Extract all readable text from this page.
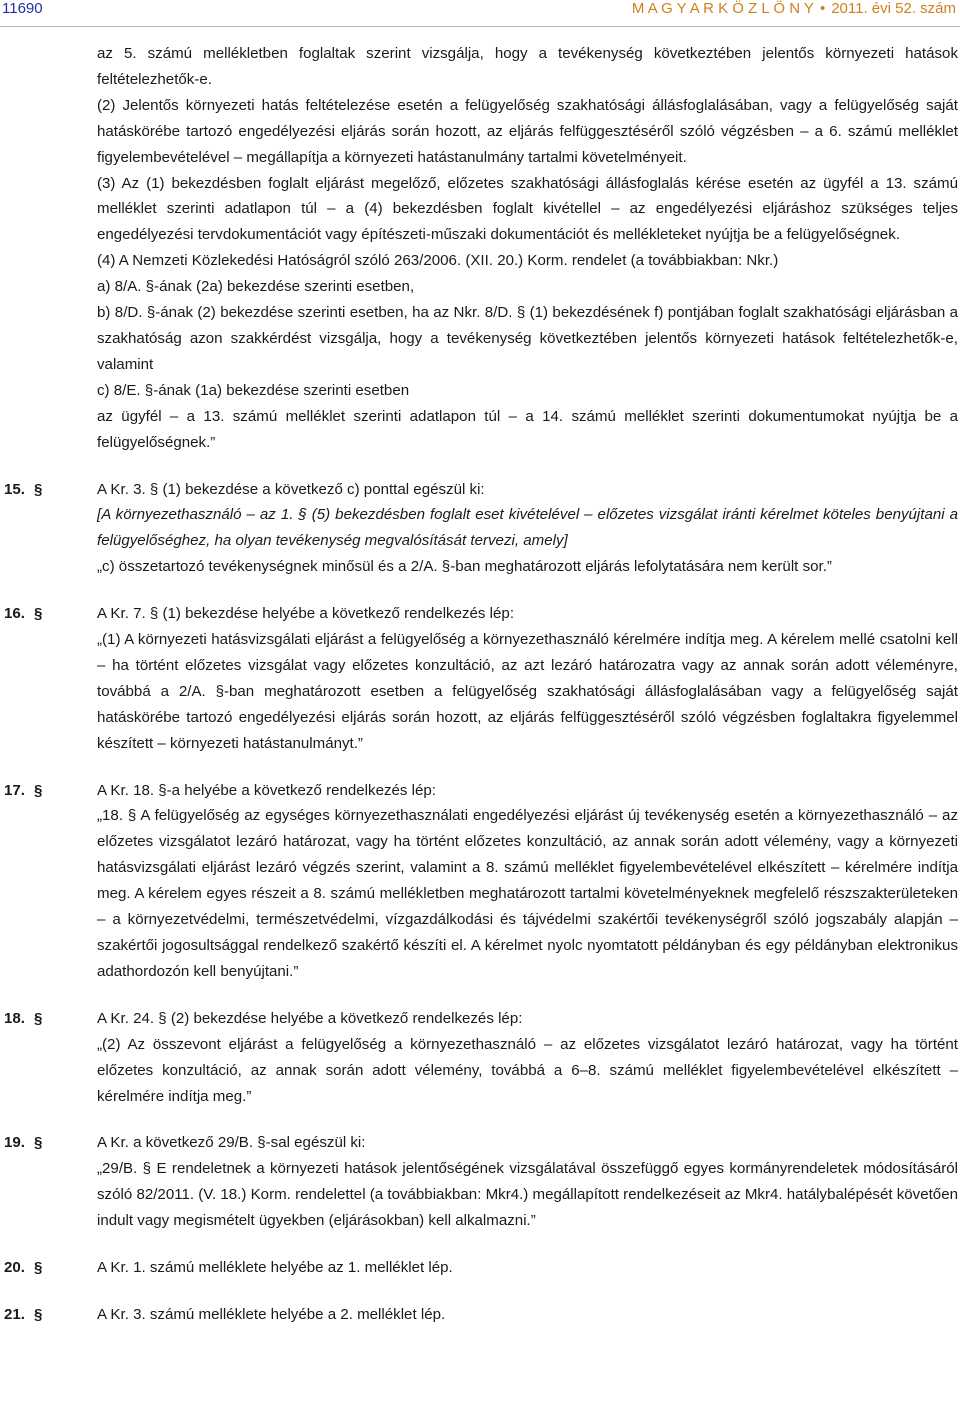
11690	M A G Y A R K Ö Z L Ö N Y • 2011. évi 52. szám

az 5. számú mellékletben foglaltak szerint vizsgálja, hogy a tevékenység következtében jelentős környezeti hatások feltételezhetők-e.

(2) Jelentős környezeti hatás feltételezése esetén a felügyelőség szakhatósági állásfoglalásában, vagy a felügyelőség saját hatáskörébe tartozó engedélyezési eljárás során hozott, az eljárás felfüggesztéséről szóló végzésben – a 6. számú melléklet figyelembevételével – megállapítja a környezeti hatástanulmány tartalmi követelményeit.

(3) Az (1) bekezdésben foglalt eljárást megelőző, előzetes szakhatósági állásfoglalás kérése esetén az ügyfél a 13. számú melléklet szerinti adatlapon túl – a (4) bekezdésben foglalt kivétellel – az engedélyezési eljáráshoz szükséges teljes engedélyezési tervdokumentációt vagy építészeti-műszaki dokumentációt és mellékleteket nyújtja be a felügyelőségnek.

(4) A Nemzeti Közlekedési Hatóságról szóló 263/2006. (XII. 20.) Korm. rendelet (a továbbiakban: Nkr.)

a) 8/A. §-ának (2a) bekezdése szerinti esetben,

b) 8/D. §-ának (2) bekezdése szerinti esetben, ha az Nkr. 8/D. § (1) bekezdésének f) pontjában foglalt szakhatósági eljárásban a szakhatóság azon szakkérdést vizsgálja, hogy a tevékenység következtében jelentős környezeti hatások feltételezhetők-e, valamint

c) 8/E. §-ának (1a) bekezdése szerinti esetben

az ügyfél – a 13. számú melléklet szerinti adatlapon túl – a 14. számú melléklet szerinti dokumentumokat nyújtja be a felügyelőségnek.”

15. §	A Kr. 3. § (1) bekezdése a következő c) ponttal egészül ki:

[A környezethasználó – az 1. § (5) bekezdésben foglalt eset kivételével – előzetes vizsgálat iránti kérelmet köteles benyújtani a felügyelőséghez, ha olyan tevékenység megvalósítását tervezi, amely]

„c) összetartozó tevékenységnek minősül és a 2/A. §-ban meghatározott eljárás lefolytatására nem került sor.”

16. §	A Kr. 7. § (1) bekezdése helyébe a következő rendelkezés lép:

„(1) A környezeti hatásvizsgálati eljárást a felügyelőség a környezethasználó kérelmére indítja meg. A kérelem mellé csatolni kell – ha történt előzetes vizsgálat vagy előzetes konzultáció, az azt lezáró határozatra vagy az annak során adott véleményre, továbbá a 2/A. §-ban meghatározott esetben a felügyelőség szakhatósági állásfoglalásában vagy a felügyelőség saját hatáskörébe tartozó engedélyezési eljárás során hozott, az eljárás felfüggesztéséről szóló végzésben foglaltakra figyelemmel készített – környezeti hatástanulmányt.”

17. §	A Kr. 18. §-a helyébe a következő rendelkezés lép:

„18. § A felügyelőség az egységes környezethasználati engedélyezési eljárást új tevékenység esetén a környezethasználó – az előzetes vizsgálatot lezáró határozat, vagy ha történt előzetes konzultáció, az annak során adott vélemény, vagy a környezeti hatásvizsgálati eljárást lezáró végzés szerint, valamint a 8. számú melléklet figyelembevételével elkészített – kérelmére indítja meg. A kérelem egyes részeit a 8. számú mellékletben meghatározott tartalmi követelményeknek megfelelő részszakterületeken – a környezetvédelmi, természetvédelmi, vízgazdálkodási és tájvédelmi szakértői tevékenységről szóló jogszabály alapján – szakértői jogosultsággal rendelkező szakértő készíti el. A kérelmet nyolc nyomtatott példányban és egy példányban elektronikus adathordozón kell benyújtani.”

18. §	A Kr. 24. § (2) bekezdése helyébe a következő rendelkezés lép:

„(2) Az összevont eljárást a felügyelőség a környezethasználó – az előzetes vizsgálatot lezáró határozat, vagy ha történt előzetes konzultáció, az annak során adott vélemény, továbbá a 6–8. számú melléklet figyelembevételével elkészített – kérelmére indítja meg.”

19. §	A Kr. a következő 29/B. §-sal egészül ki:

„29/B. § E rendeletnek a környezeti hatások jelentőségének vizsgálatával összefüggő egyes kormányrendeletek módosításáról szóló 82/2011. (V. 18.) Korm. rendelettel (a továbbiakban: Mkr4.) megállapított rendelkezéseit az Mkr4. hatálybalépését követően indult vagy megismételt ügyekben (eljárásokban) kell alkalmazni.”

20. §	A Kr. 1. számú melléklete helyébe az 1. melléklet lép.

21. §	A Kr. 3. számú melléklete helyébe a 2. melléklet lép.
